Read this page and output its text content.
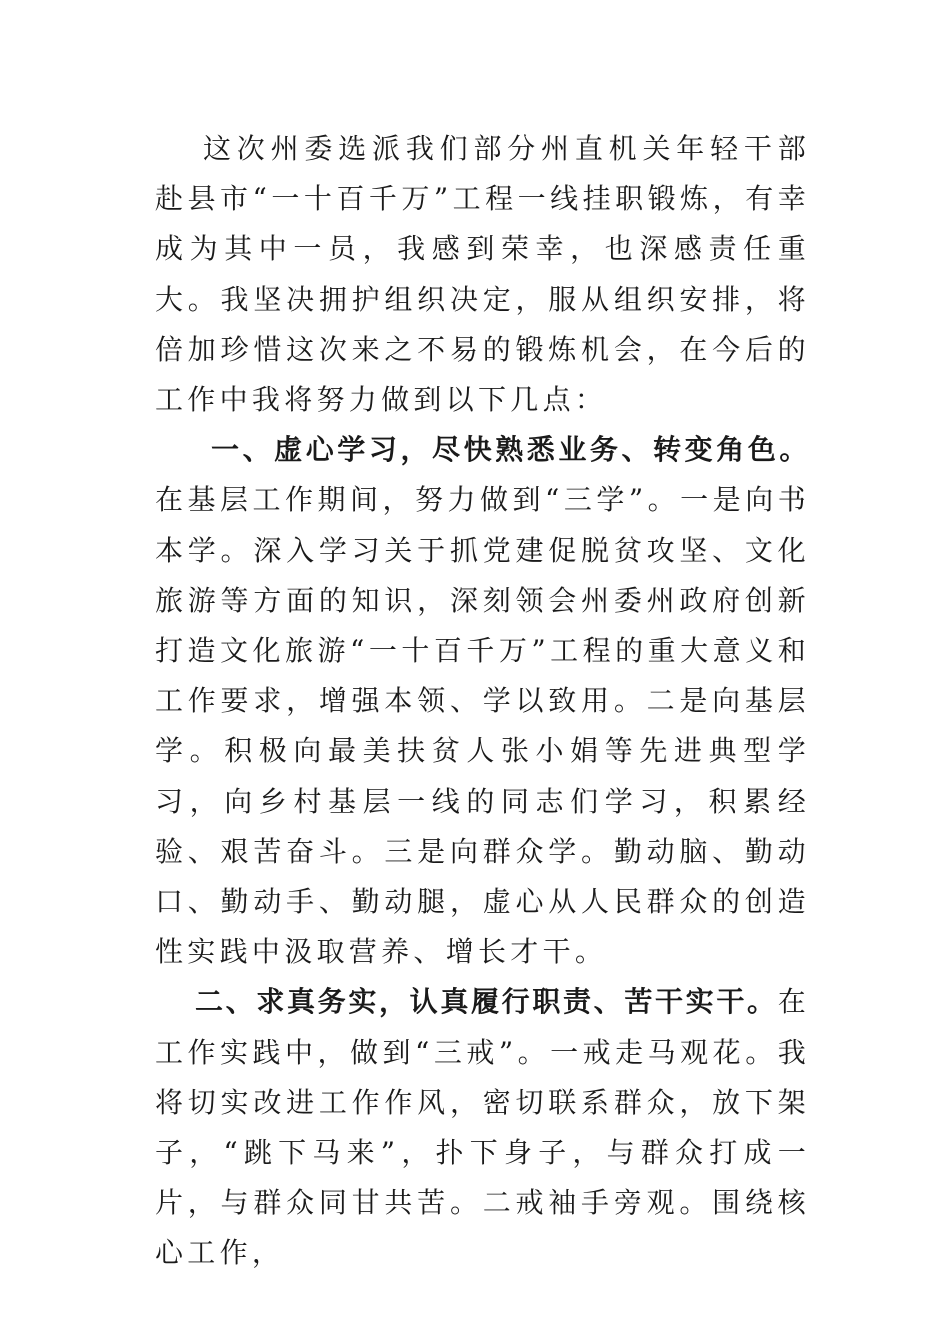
这次州委选派我们部分州直机关年轻干部赴县市“一十百千万”工程一线挂职锻炼，有幸成为其中一员，我感到荣幸，也深感责任重大。我坚决拥护组织决定，服从组织安排，将倍加珍惜这次来之不易的锻炼机会，在今后的工作中我将努力做到以下几点：

一、虚心学习，尽快熟悉业务、转变角色。在基层工作期间，努力做到“三学”。一是向书本学。深入学习关于抓党建促脱贫攻坚、文化旅游等方面的知识，深刻领会州委州政府创新打造文化旅游“一十百千万”工程的重大意义和工作要求，增强本领、学以致用。二是向基层学。积极向最美扶贫人张小娟等先进典型学习，向乡村基层一线的同志们学习，积累经验、艰苦奋斗。三是向群众学。勤动脑、勤动口、勤动手、勤动腿，虚心从人民群众的创造性实践中汲取营养、增长才干。

二、求真务实，认真履行职责、苦干实干。在工作实践中，做到“三戒”。一戒走马观花。我将切实改进工作作风，密切联系群众，放下架子，“跳下马来”，扑下身子，与群众打成一片，与群众同甘共苦。二戒袖手旁观。围绕核心工作，
